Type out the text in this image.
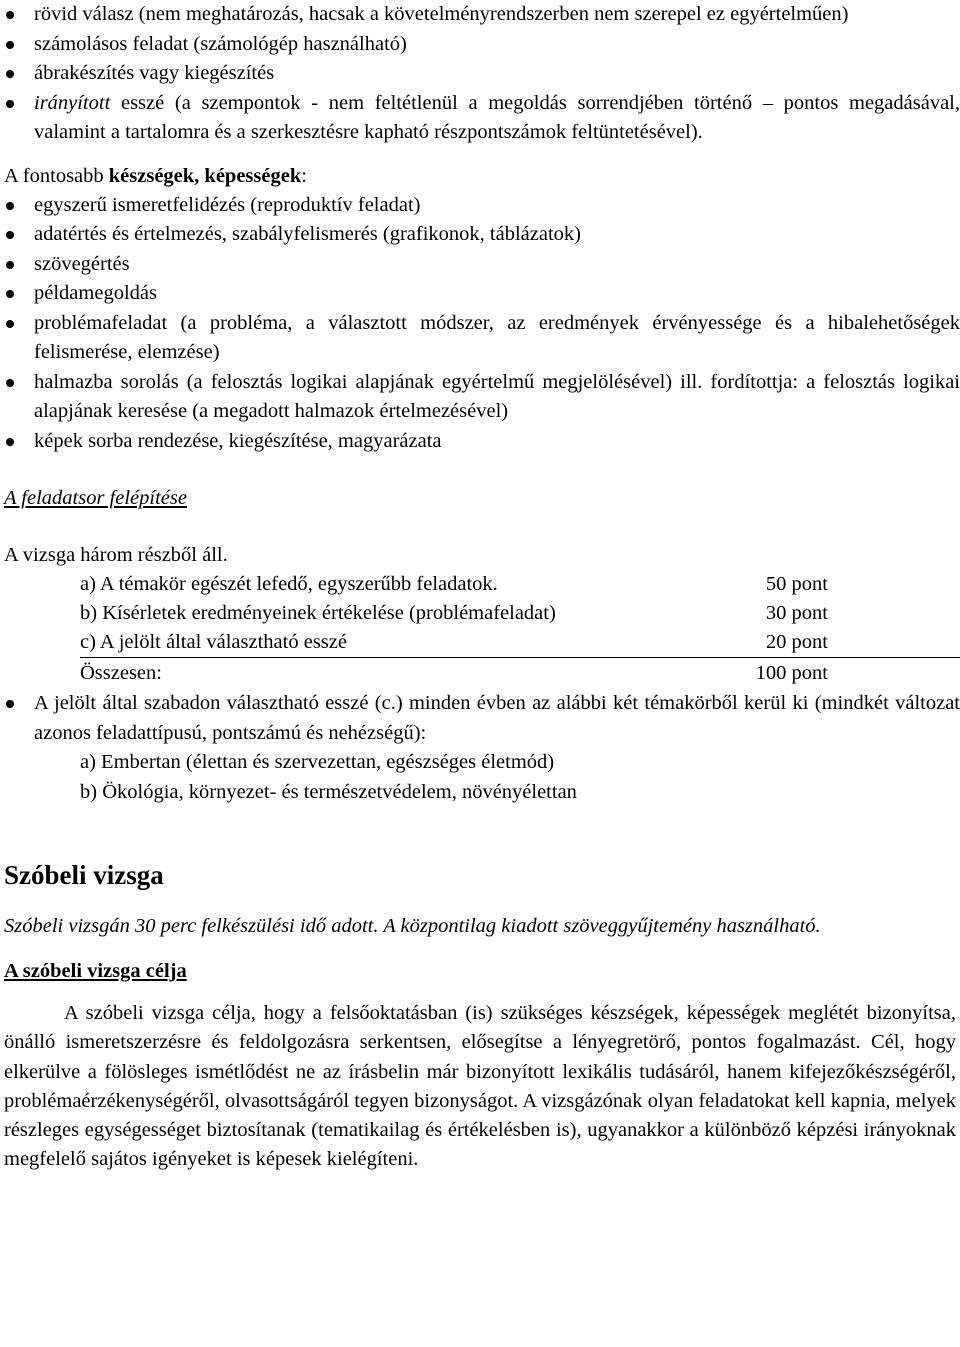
rövid válasz (nem meghatározás, hacsak a követelményrendszerben nem szerepel ez egyértelműen)
számolásos feladat (számológép használható)
ábrakészítés vagy kiegészítés
irányított esszé (a szempontok - nem feltétlenül a megoldás sorrendjében történő – pontos megadásával, valamint a tartalomra és a szerkesztésre kapható részpontszámok feltüntetésével).
A fontosabb készségek, képességek:
egyszerű ismeretfelidézés (reproduktív feladat)
adatértés és értelmezés, szabályfelismerés (grafikonok, táblázatok)
szövegértés
példamegoldás
problémafeladat (a probléma, a választott módszer, az eredmények érvényessége és a hibalehetőségek felismerése, elemzése)
halmazba sorolás (a felosztás logikai alapjának egyértelmű megjelölésével) ill. fordítottja: a felosztás logikai alapjának keresése (a megadott halmazok értelmezésével)
képek sorba rendezése, kiegészítése, magyarázata
A feladatsor felépítése
A vizsga három részből áll.
a) A témakör egészét lefedő, egyszerűbb feladatok.	50 pont
b) Kísérletek eredményeinek értékelése (problémafeladat)	30 pont
c) A jelölt által választható esszé	20 pont
Összesen:	100 pont
A jelölt által szabadon választható esszé (c.) minden évben az alábbi két témakörből kerül ki (mindkét változat azonos feladattípusú, pontszámú és nehézségű):
a) Embertan (élettan és szervezettan, egészséges életmód)
b) Ökológia, környezet- és természetvédelem, növényélettan
Szóbeli vizsga
Szóbeli vizsgán 30 perc felkészülési idő adott. A központilag kiadott szöveggyűjtemény használható.
A szóbeli vizsga célja
A szóbeli vizsga célja, hogy a felsőoktatásban (is) szükséges készségek, képességek meglétét bizonyítsa, önálló ismeretszerzésre és feldolgozásra serkentsen, elősegítse a lényegretörő, pontos fogalmazást. Cél, hogy elkerülve a fölösleges ismétlődést ne az írásbelin már bizonyított lexikális tudásáról, hanem kifejezőkészségéről, problémaérzékenységéről, olvasottságáról tegyen bizonyságot. A vizsgázónak olyan feladatokat kell kapnia, melyek részleges egységességet biztosítanak (tematikailag és értékelésben is), ugyanakkor a különböző képzési irányoknak megfelelő sajátos igényeket is képesek kielégíteni.
